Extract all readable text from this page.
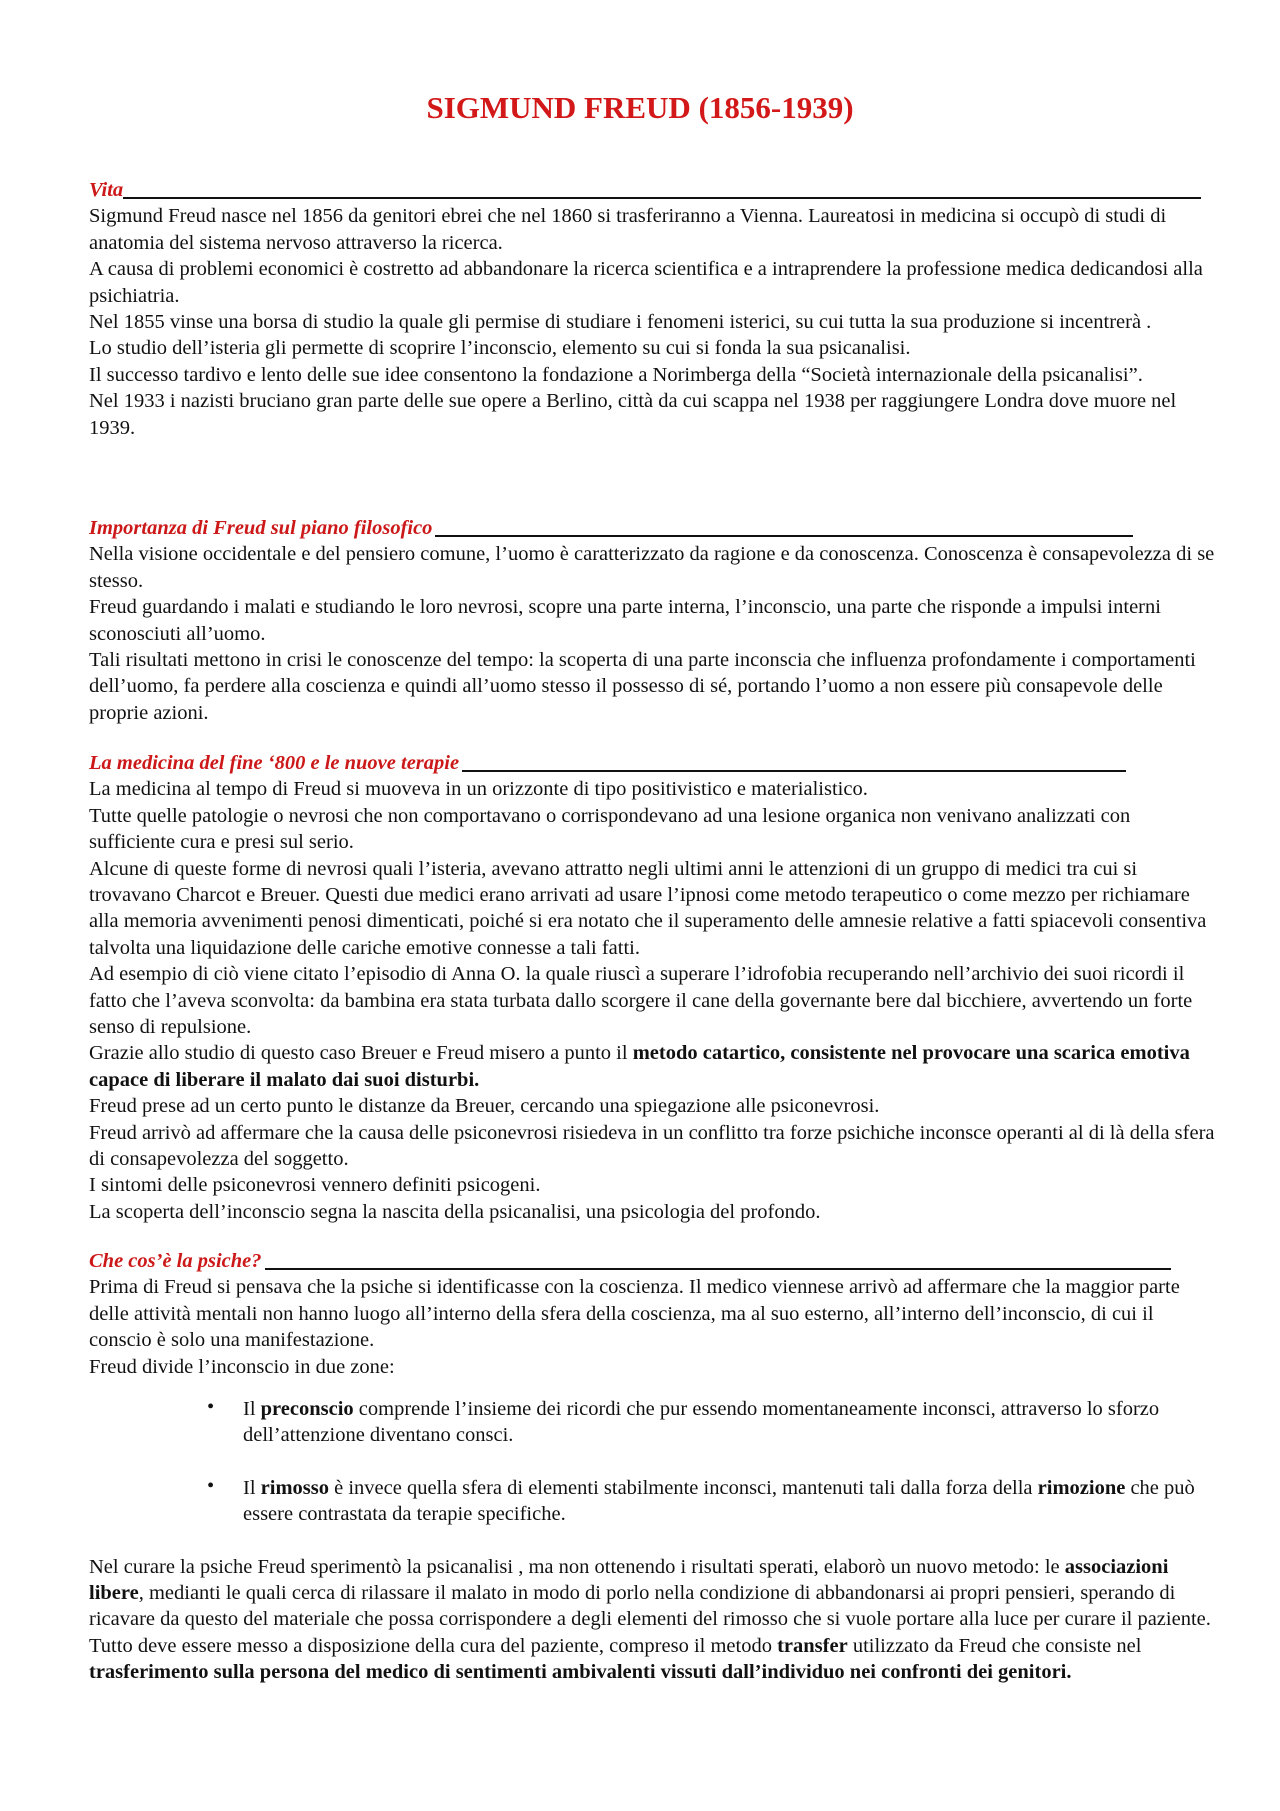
SIGMUND FREUD (1856-1939)
Vita

Sigmund Freud nasce nel 1856 da genitori ebrei che nel 1860 si trasferiranno a Vienna. Laureatosi in medicina si occupò di studi di anatomia del sistema nervoso attraverso la ricerca.

A causa di problemi economici è costretto ad abbandonare la ricerca scientifica e a intraprendere la professione medica dedicandosi alla psichiatria.

Nel 1855 vinse una borsa di studio la quale gli permise di studiare i fenomeni isterici, su cui tutta la sua produzione si incentrerà .

Lo studio dell’isteria gli permette di scoprire l’inconscio, elemento su cui si fonda la sua psicanalisi.

Il successo tardivo e lento delle sue idee consentono la fondazione a Norimberga della “Società internazionale della psicanalisi”.

Nel 1933 i nazisti bruciano gran parte delle sue opere a Berlino, città da cui scappa nel 1938 per raggiungere Londra dove muore nel 1939.

Importanza di Freud sul piano filosofico

Nella visione occidentale e del pensiero comune, l’uomo è caratterizzato da ragione e da conoscenza. Conoscenza è consapevolezza di se stesso.

Freud guardando i malati e studiando le loro nevrosi, scopre una parte interna, l’inconscio, una parte che risponde a impulsi interni sconosciuti all’uomo.

Tali risultati mettono in crisi le conoscenze del tempo: la scoperta di una parte inconscia che influenza profondamente i comportamenti dell’uomo, fa perdere alla coscienza e quindi all’uomo stesso il possesso di sé, portando l’uomo a non essere più consapevole delle proprie azioni.

La medicina del fine ‘800 e le nuove terapie

La medicina al tempo di Freud si muoveva in un orizzonte di tipo positivistico e materialistico.

Tutte quelle patologie o nevrosi che non comportavano o corrispondevano ad una lesione organica non venivano analizzati con sufficiente cura e presi sul serio.

Alcune di queste forme di nevrosi quali l’isteria, avevano attratto negli ultimi anni le attenzioni di un gruppo di medici tra cui si trovavano Charcot e Breuer. Questi due medici erano arrivati ad usare l’ipnosi come metodo terapeutico o come mezzo per richiamare alla memoria avvenimenti penosi dimenticati, poiché si era notato che il superamento delle amnesie relative a fatti spiacevoli consentiva talvolta una liquidazione delle cariche emotive connesse a tali fatti.

Ad esempio di ciò viene citato l’episodio di Anna O. la quale riuscì a superare l’idrofobia recuperando nell’archivio dei suoi ricordi il fatto che l’aveva sconvolta: da bambina era stata turbata dallo scorgere il cane della governante bere dal bicchiere, avvertendo un forte senso di repulsione.

Grazie allo studio di questo caso Breuer e Freud misero a punto il metodo catartico, consistente nel provocare una scarica emotiva capace di liberare il malato dai suoi disturbi.

Freud prese ad un certo punto le distanze da Breuer, cercando una spiegazione alle psiconevrosi.

Freud arrivò ad affermare che la causa delle psiconevrosi risiedeva in un conflitto tra forze psichiche inconsce operanti al di là della sfera di consapevolezza del soggetto.

I sintomi delle psiconevrosi vennero definiti psicogeni.

La scoperta dell’inconscio segna la nascita della psicanalisi, una psicologia del profondo.

Che cos’è la psiche?

Prima di Freud si pensava che la psiche si identificasse con la coscienza. Il medico viennese arrivò ad affermare che la maggior parte delle attività mentali non hanno luogo all’interno della sfera della coscienza, ma al suo esterno, all’interno dell’inconscio, di cui il conscio è solo una manifestazione.

Freud divide l’inconscio in due zone:

• Il preconscio comprende l’insieme dei ricordi che pur essendo momentaneamente inconsci, attraverso lo sforzo dell’attenzione diventano consci.
• Il rimosso è invece quella sfera di elementi stabilmente inconsci, mantenuti tali dalla forza della rimozione che può essere contrastata da terapie specifiche.

Nel curare la psiche Freud sperimentò la psicanalisi , ma non ottenendo i risultati sperati, elaborò un nuovo metodo: le associazioni libere, medianti le quali cerca di rilassare il malato in modo di porlo nella condizione di abbandonarsi ai propri pensieri, sperando di ricavare da questo del materiale che possa corrispondere a degli elementi del rimosso che si vuole portare alla luce per curare il paziente.

Tutto deve essere messo a disposizione della cura del paziente, compreso il metodo transfer utilizzato da Freud che consiste nel trasferimento sulla persona del medico di sentimenti ambivalenti vissuti dall’individuo nei confronti dei genitori.
